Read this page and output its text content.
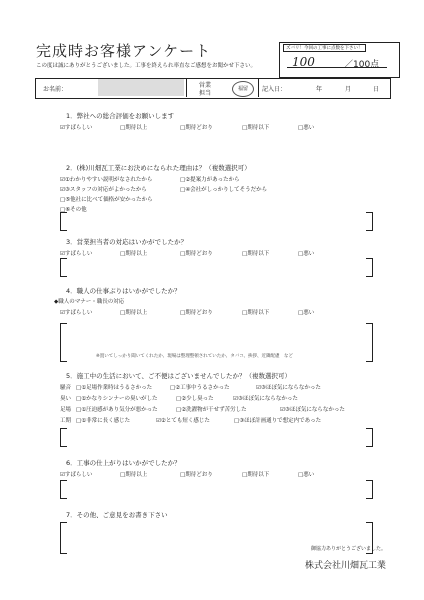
完成時お客様アンケート
この度は誠にありがとうございました。工事を終えられ率直なご感想をお聞かせ下さい。
ズバリ！今回の工事に点数を下さい！
100	／100点
お名前：
営業
担当
福留	記入日：	年	月	日
1．弊社への総合評価をお願いします
☑すばらしい	□期待以上	□期待どおり	□期待以下	□悪い
2．(株)川畑瓦工業にお決めになられた理由は？（複数選択可）
☑①わかりやすい説明がなされたから	□②提案力があったから
☑③スタッフの対応がよかったから	□④会社がしっかりしてそうだから
□⑤他社に比べて価格が安かったから
□⑥その他
3．営業担当者の対応はいかがでしたか？
☑すばらしい	□期待以上	□期待どおり	□期待以下	□悪い
4．職人の仕事ぶりはいかがでしたか？
◆職人のマナー・職長の対応
☑すばらしい	□期待以上	□期待どおり	□期待以下	□悪い
※置いてしっかり聞いてくれたか、現場は整理整頓されていたか、タバコ、挨拶、近隣配慮　など
5．施工中の生活において、ご不便はございませんでしたか？（複数選択可）
騒音 □①足場作業時はうるさかった	□②工事中うるさかった	☑③ほぼ気にならなかった
臭い □①かなりシンナーの臭いがした	□②少し臭った	☑③ほぼ気にならなかった
足場 □①圧迫感があり気分が悪かった	□②洗濯物が干せず苦労した	☑③ほぼ気にならなかった
工期 □①非常に長く感じた	☑②とても短く感じた	□③ほぼ計画通りで想定内であった
6．工事の仕上がりはいかがでしたか？
☑すばらしい	□期待以上	□期待どおり	□期待以下	□悪い
7．その他、ご意見をお書き下さい
御協力ありがとうございました。
株式会社川畑瓦工業
